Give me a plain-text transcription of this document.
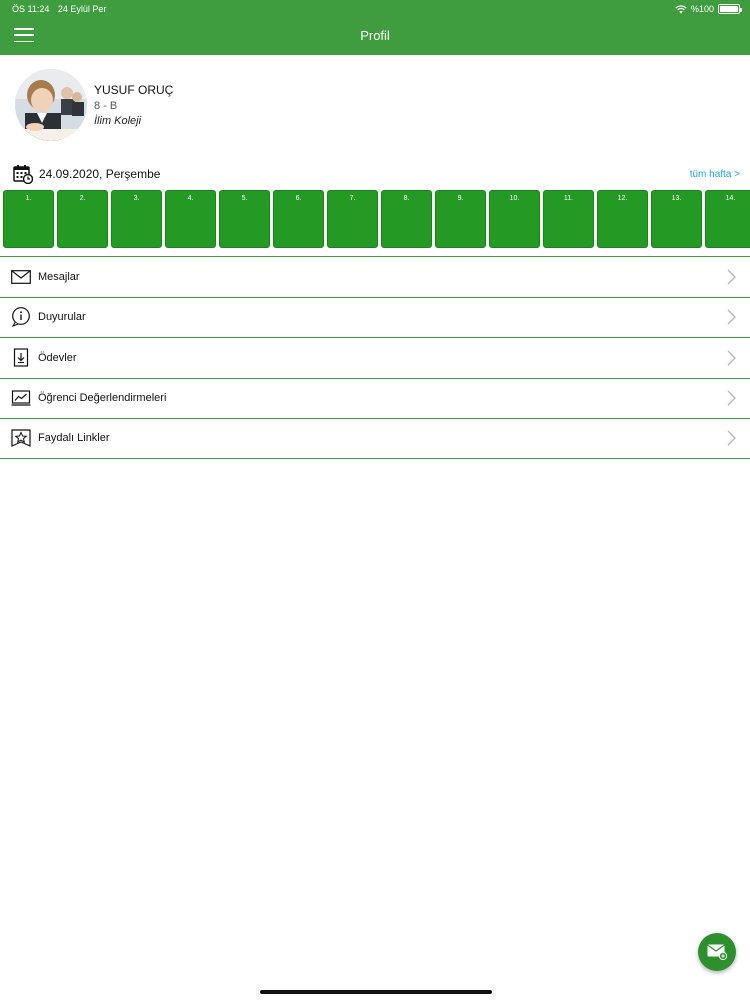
ÖS 11:24 24 Eylül Per	%100
Profil
YUSUF ORUÇ
8 - B
İlim Koleji
24.09.2020, Perşembe	tüm hafta >
1.	2.	3.	4.	5.	6.	7.	8.	9.	10.	11.	12.	13.	14.
Mesajlar
Duyurular
Ödevler
Öğrenci Değerlendirmeleri
Faydalı Linkler
